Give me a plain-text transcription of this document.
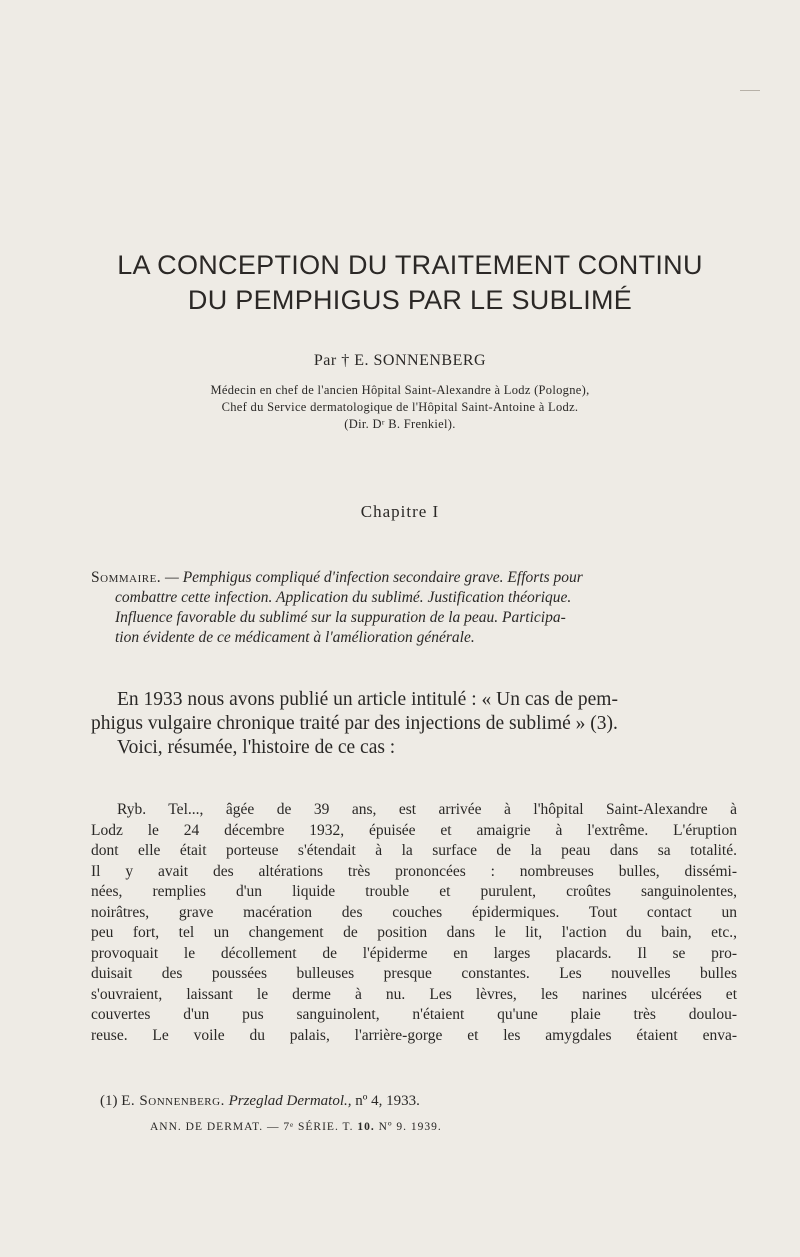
LA CONCEPTION DU TRAITEMENT CONTINU
DU PEMPHIGUS PAR LE SUBLIMÉ
Par † E. SONNENBERG
Médecin en chef de l'ancien Hôpital Saint-Alexandre à Lodz (Pologne),
Chef du Service dermatologique de l'Hôpital Saint-Antoine à Lodz.
(Dir. Dʳ B. Frenkiel).
Chapitre I
Sommaire. — Pemphigus compliqué d'infection secondaire grave. Efforts pour
combattre cette infection. Application du sublimé. Justification théorique.
Influence favorable du sublimé sur la suppuration de la peau. Participa-
tion évidente de ce médicament à l'amélioration générale.
En 1933 nous avons publié un article intitulé : « Un cas de pem-
phigus vulgaire chronique traité par des injections de sublimé » (3).
Voici, résumée, l'histoire de ce cas :
Ryb. Tel..., âgée de 39 ans, est arrivée à l'hôpital Saint-Alexandre à
Lodz le 24 décembre 1932, épuisée et amaigrie à l'extrême. L'éruption
dont elle était porteuse s'étendait à la surface de la peau dans sa totalité.
Il y avait des altérations très prononcées : nombreuses bulles, dissémi-
nées, remplies d'un liquide trouble et purulent, croûtes sanguinolentes,
noirâtres, grave macération des couches épidermiques. Tout contact un
peu fort, tel un changement de position dans le lit, l'action du bain, etc.,
provoquait le décollement de l'épiderme en larges placards. Il se pro-
duisait des poussées bulleuses presque constantes. Les nouvelles bulles
s'ouvraient, laissant le derme à nu. Les lèvres, les narines ulcérées et
couvertes d'un pus sanguinolent, n'étaient qu'une plaie très doulou-
reuse. Le voile du palais, l'arrière-gorge et les amygdales étaient enva-
(1) E. Sonnenberg. Przeglad Dermatol., nº 4, 1933.
ANN. DE DERMAT. — 7ᵉ SÉRIE. T. 10. Nº 9. 1939.
